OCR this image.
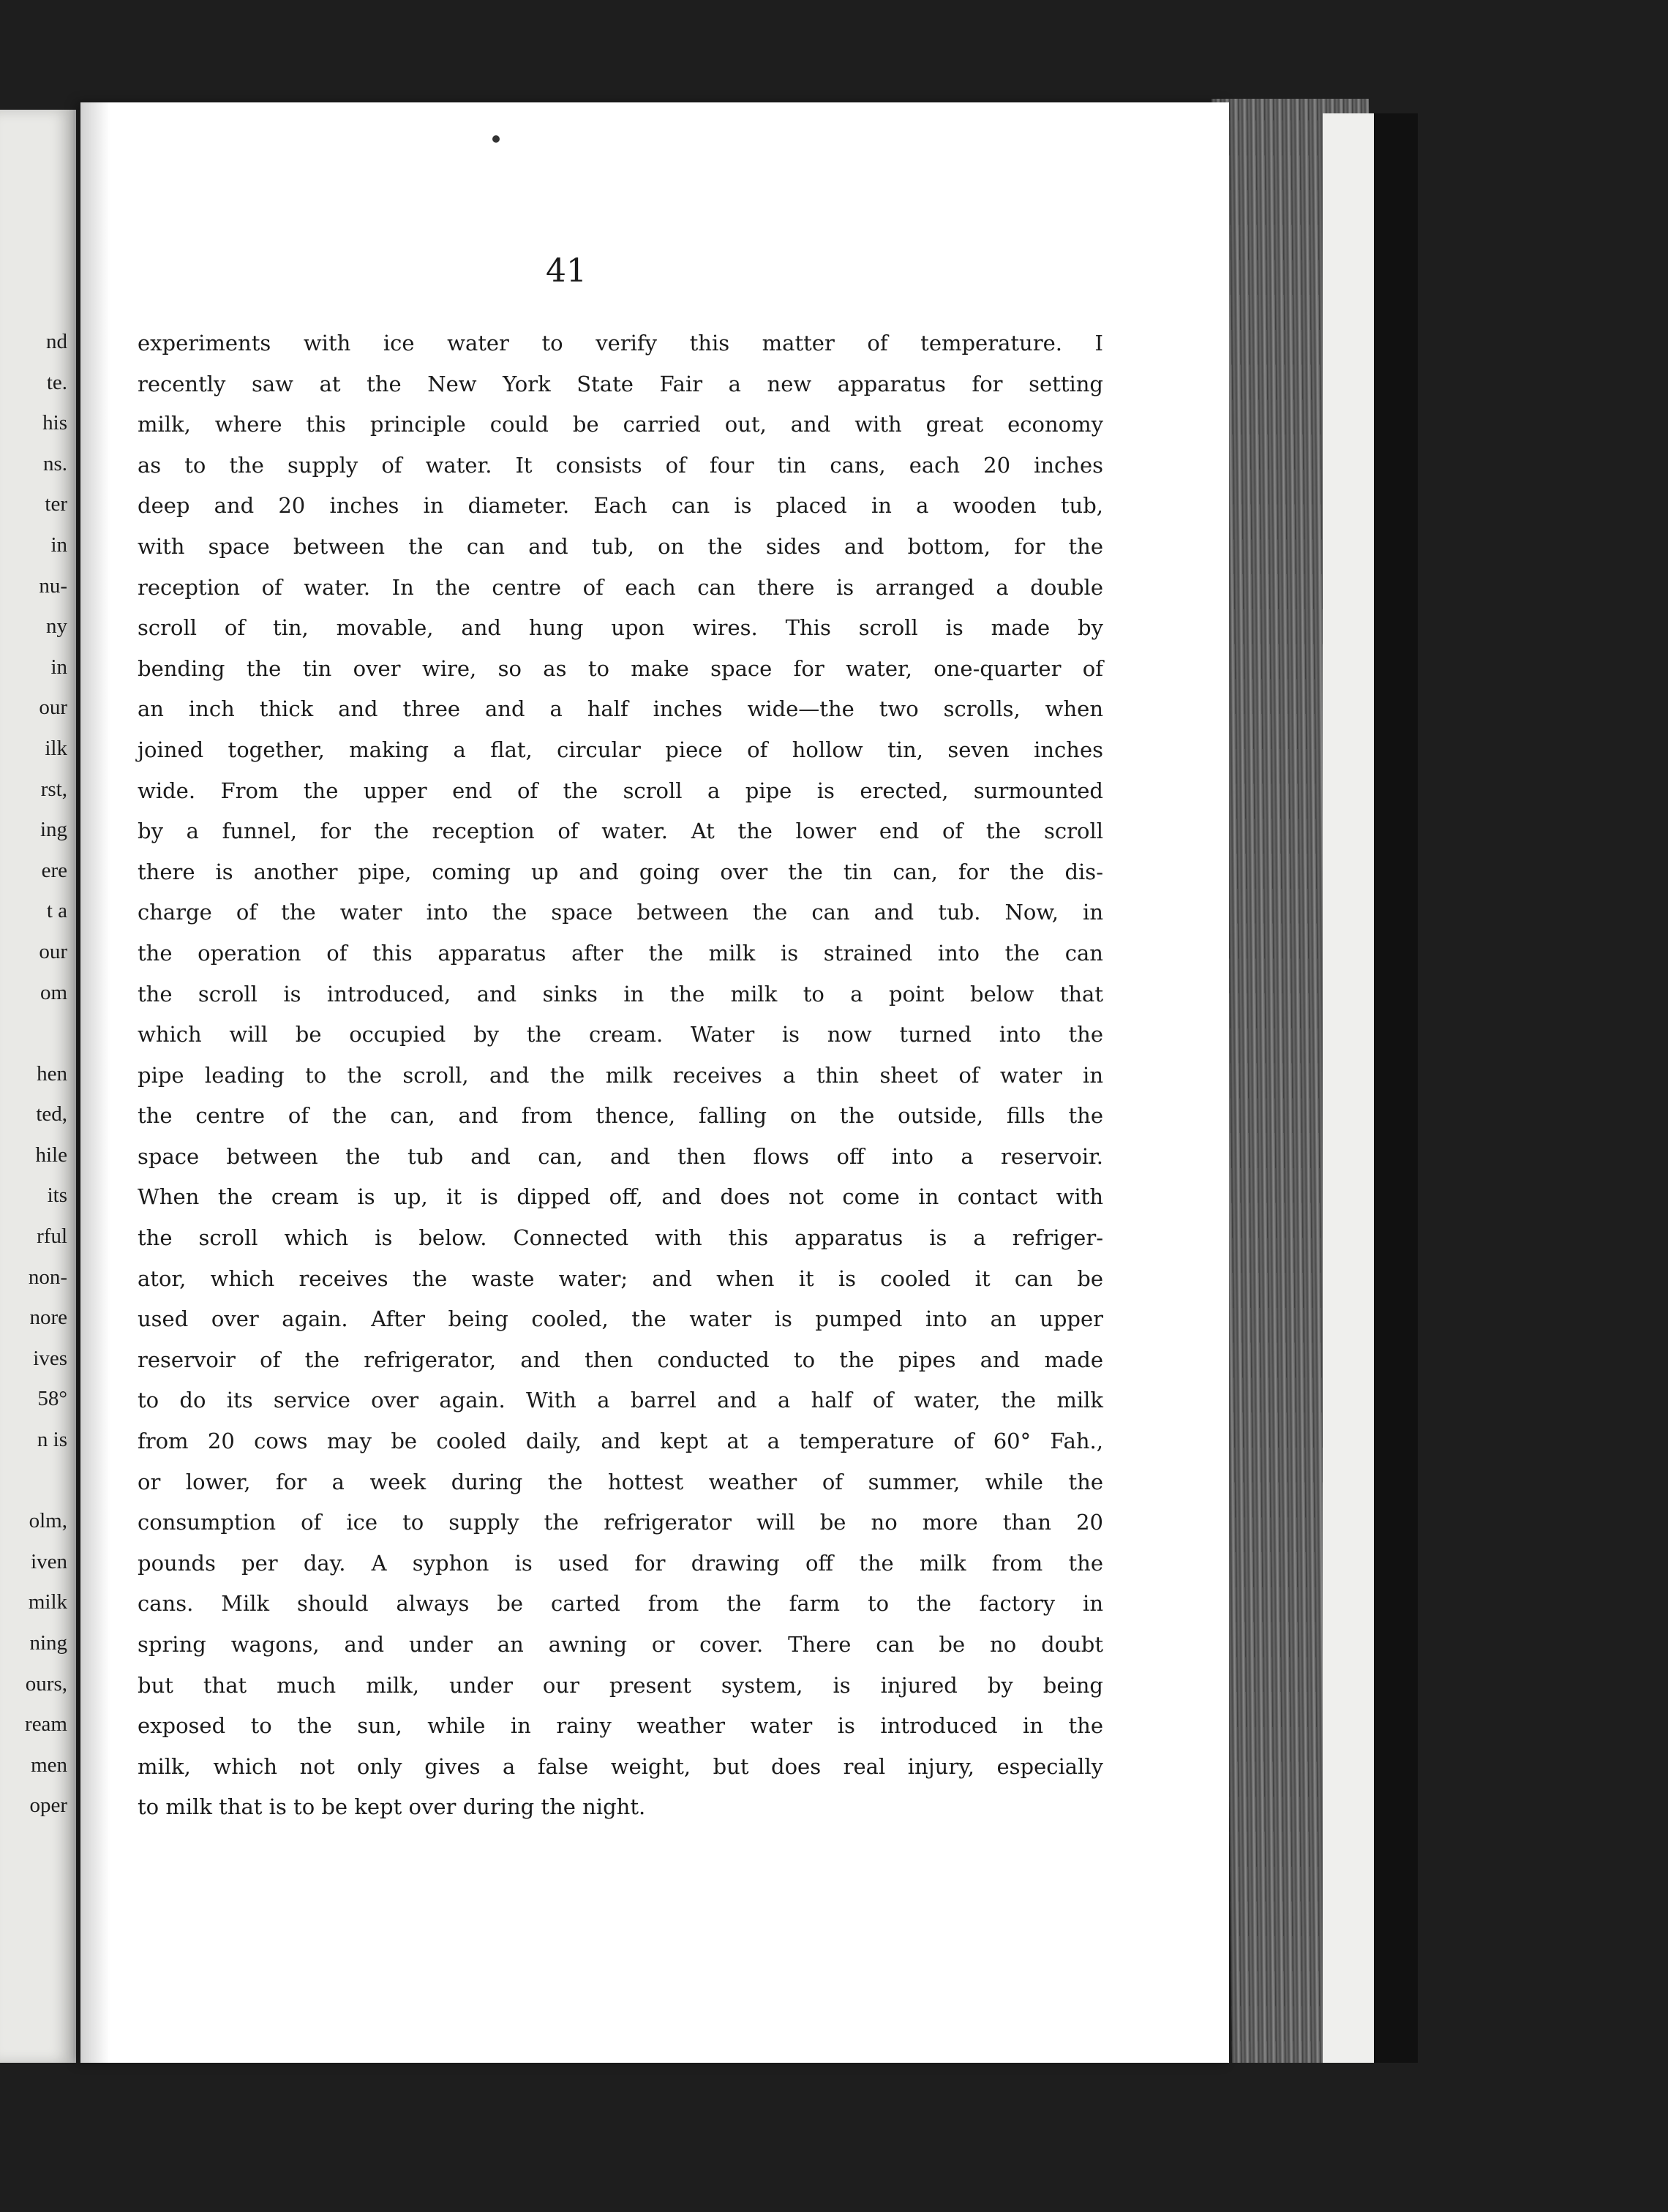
nd
te.
his
ns.
ter
in
nu-
ny
in
our
ilk
rst,
ing
ere
t a
our
om
hen
ted,
hile
its
rful
non-
nore
ives
58°
n is
olm,
iven
milk
ning
ours,
ream
men
oper
41
experiments with ice water to verify this matter of temperature. I
recently saw at the New York State Fair a new apparatus for setting
milk, where this principle could be carried out, and with great economy
as to the supply of water. It consists of four tin cans, each 20 inches
deep and 20 inches in diameter. Each can is placed in a wooden tub,
with space between the can and tub, on the sides and bottom, for the
reception of water. In the centre of each can there is arranged a double
scroll of tin, movable, and hung upon wires. This scroll is made by
bending the tin over wire, so as to make space for water, one-quarter of
an inch thick and three and a half inches wide—the two scrolls, when
joined together, making a flat, circular piece of hollow tin, seven inches
wide. From the upper end of the scroll a pipe is erected, surmounted
by a funnel, for the reception of water. At the lower end of the scroll
there is another pipe, coming up and going over the tin can, for the dis-
charge of the water into the space between the can and tub. Now, in
the operation of this apparatus after the milk is strained into the can
the scroll is introduced, and sinks in the milk to a point below that
which will be occupied by the cream. Water is now turned into the
pipe leading to the scroll, and the milk receives a thin sheet of water in
the centre of the can, and from thence, falling on the outside, fills the
space between the tub and can, and then flows off into a reservoir.
When the cream is up, it is dipped off, and does not come in contact with
the scroll which is below. Connected with this apparatus is a refriger-
ator, which receives the waste water; and when it is cooled it can be
used over again. After being cooled, the water is pumped into an upper
reservoir of the refrigerator, and then conducted to the pipes and made
to do its service over again. With a barrel and a half of water, the milk
from 20 cows may be cooled daily, and kept at a temperature of 60° Fah.,
or lower, for a week during the hottest weather of summer, while the
consumption of ice to supply the refrigerator will be no more than 20
pounds per day. A syphon is used for drawing off the milk from the
cans. Milk should always be carted from the farm to the factory in
spring wagons, and under an awning or cover. There can be no doubt
but that much milk, under our present system, is injured by being
exposed to the sun, while in rainy weather water is introduced in the
milk, which not only gives a false weight, but does real injury, especially
to milk that is to be kept over during the night.
